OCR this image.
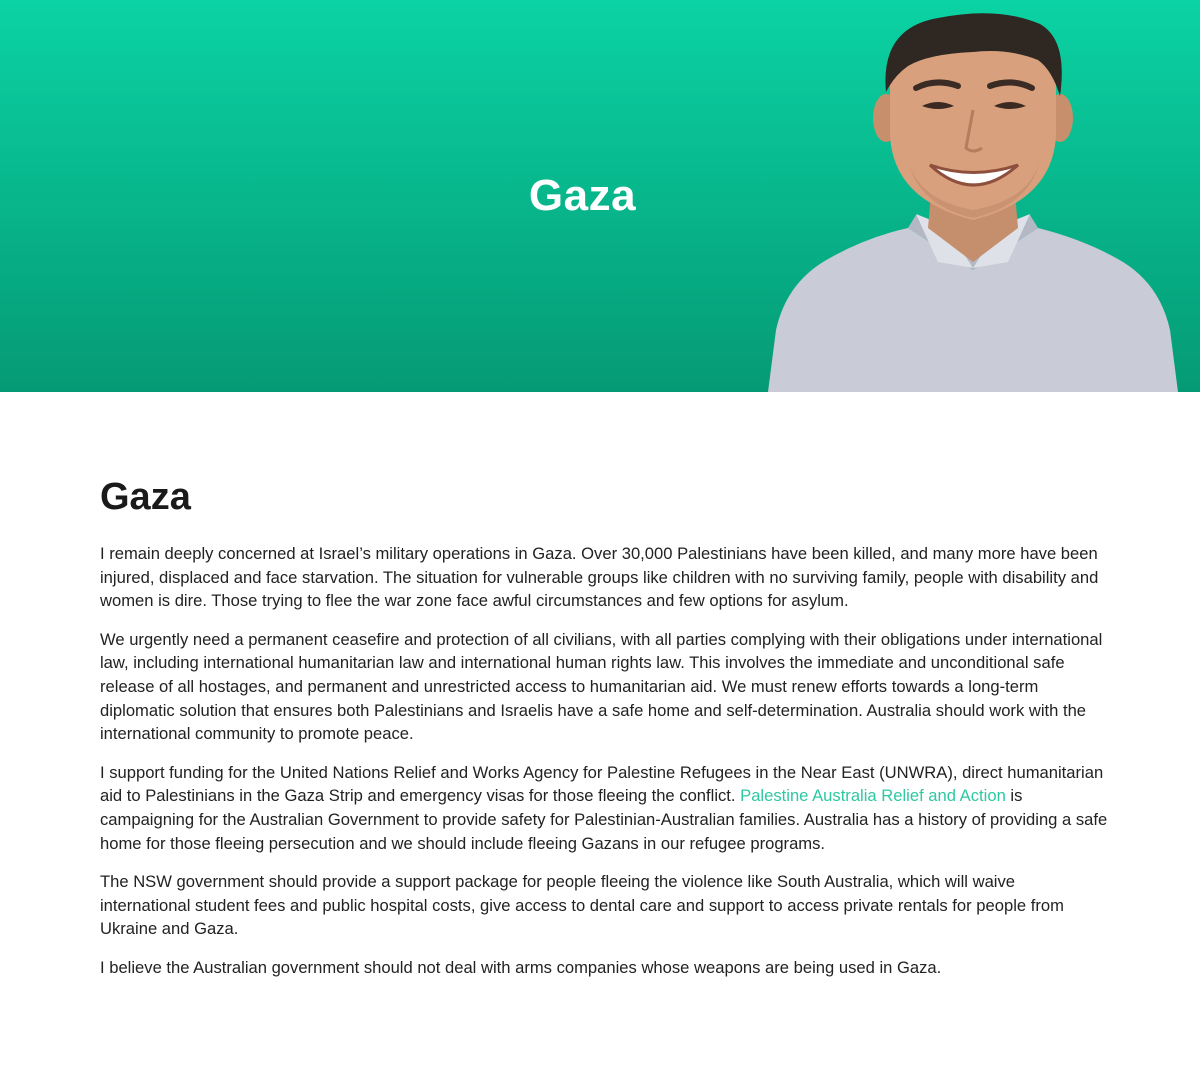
Gaza
Gaza

I remain deeply concerned at Israel’s military operations in Gaza. Over 30,000 Palestinians have been killed, and many more have been injured, displaced and face starvation. The situation for vulnerable groups like children with no surviving family, people with disability and women is dire. Those trying to flee the war zone face awful circumstances and few options for asylum.

We urgently need a permanent ceasefire and protection of all civilians, with all parties complying with their obligations under international law, including international humanitarian law and international human rights law. This involves the immediate and unconditional safe release of all hostages, and permanent and unrestricted access to humanitarian aid. We must renew efforts towards a long-term diplomatic solution that ensures both Palestinians and Israelis have a safe home and self-determination. Australia should work with the international community to promote peace.

I support funding for the United Nations Relief and Works Agency for Palestine Refugees in the Near East (UNWRA), direct humanitarian aid to Palestinians in the Gaza Strip and emergency visas for those fleeing the conflict. Palestine Australia Relief and Action is campaigning for the Australian Government to provide safety for Palestinian-Australian families. Australia has a history of providing a safe home for those fleeing persecution and we should include fleeing Gazans in our refugee programs.

The NSW government should provide a support package for people fleeing the violence like South Australia, which will waive international student fees and public hospital costs, give access to dental care and support to access private rentals for people from Ukraine and Gaza.

I believe the Australian government should not deal with arms companies whose weapons are being used in Gaza.
